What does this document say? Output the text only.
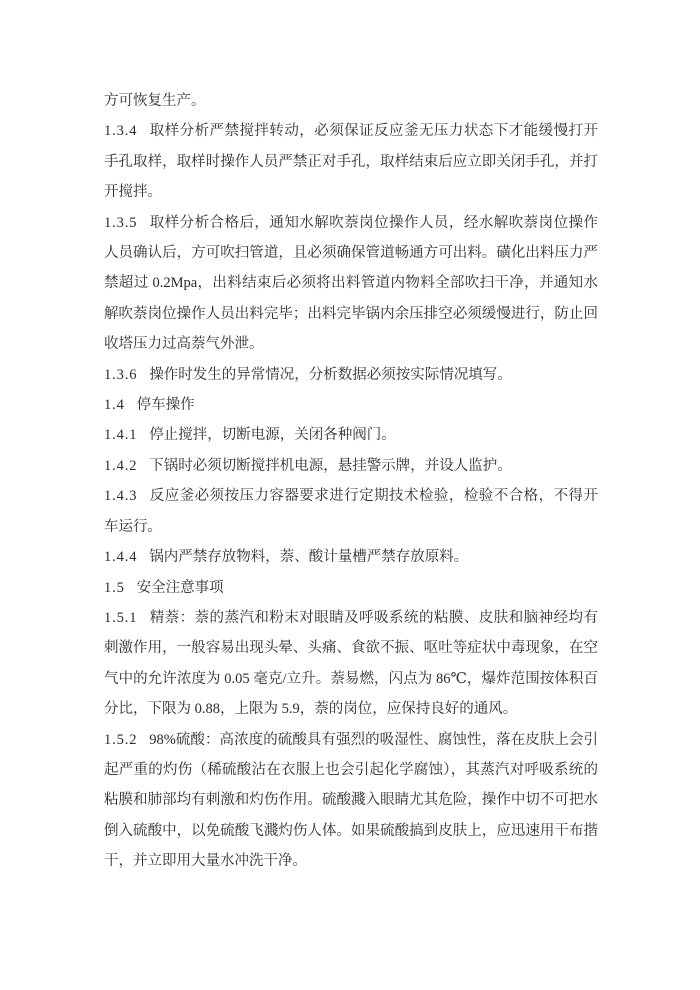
方可恢复生产。

1.3.4 取样分析严禁搅拌转动，必须保证反应釜无压力状态下才能缓慢打开手孔取样，取样时操作人员严禁正对手孔，取样结束后应立即关闭手孔，并打开搅拌。

1.3.5 取样分析合格后，通知水解吹萘岗位操作人员，经水解吹萘岗位操作人员确认后，方可吹扫管道，且必须确保管道畅通方可出料。磺化出料压力严禁超过 0.2Mpa，出料结束后必须将出料管道内物料全部吹扫干净，并通知水解吹萘岗位操作人员出料完毕；出料完毕锅内余压排空必须缓慢进行，防止回收塔压力过高萘气外泄。

1.3.6 操作时发生的异常情况，分析数据必须按实际情况填写。

1.4 停车操作

1.4.1 停止搅拌，切断电源，关闭各种阀门。

1.4.2 下锅时必须切断搅拌机电源，悬挂警示牌，并设人监护。

1.4.3 反应釜必须按压力容器要求进行定期技术检验，检验不合格，不得开车运行。

1.4.4 锅内严禁存放物料，萘、酸计量槽严禁存放原料。

1.5 安全注意事项

1.5.1 精萘：萘的蒸汽和粉末对眼睛及呼吸系统的粘膜、皮肤和脑神经均有刺激作用，一般容易出现头晕、头痛、食欲不振、呕吐等症状中毒现象，在空气中的允许浓度为 0.05 毫克/立升。萘易燃，闪点为 86℃，爆炸范围按体积百分比，下限为 0.88，上限为 5.9，萘的岗位，应保持良好的通风。

1.5.2 98%硫酸：高浓度的硫酸具有强烈的吸湿性、腐蚀性，落在皮肤上会引起严重的灼伤（稀硫酸沾在衣服上也会引起化学腐蚀），其蒸汽对呼吸系统的粘膜和肺部均有刺激和灼伤作用。硫酸濺入眼睛尤其危险，操作中切不可把水倒入硫酸中，以免硫酸飞濺灼伤人体。如果硫酸搞到皮肤上，应迅速用干布揩干，并立即用大量水冲洗干净。
